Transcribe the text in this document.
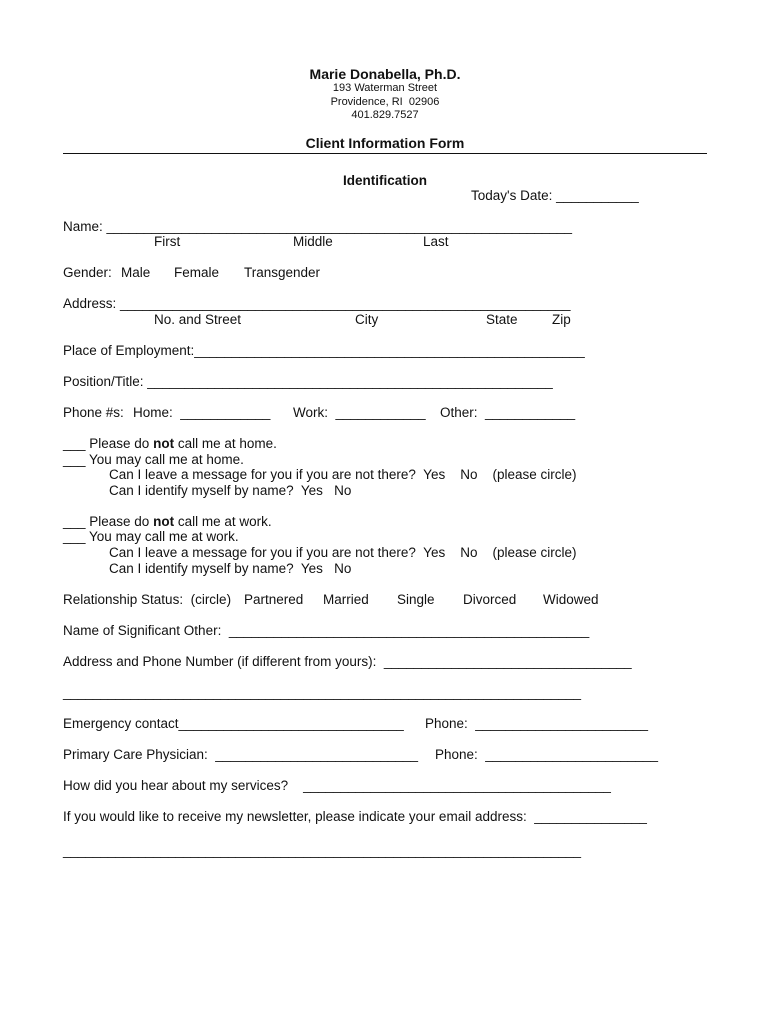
Marie Donabella, Ph.D.
193 Waterman Street
Providence, RI  02906
401.829.7527
Client Information Form
Identification
Today's Date: ___________
Name: ______________________________________________________________
First	Middle	Last
Gender: Male Female Transgender
Address: ____________________________________________________________
No. and Street	City	State	Zip
Place of Employment:____________________________________________________
Position/Title: ______________________________________________________
Phone #s: Home:  ____________ Work:  ____________ Other:  ____________
___ Please do not call me at home.
___ You may call me at home.
Can I leave a message for you if you are not there?  Yes    No    (please circle)
Can I identify myself by name?  Yes   No
___ Please do not call me at work.
___ You may call me at work.
Can I leave a message for you if you are not there?  Yes    No    (please circle)
Can I identify myself by name?  Yes   No
Relationship Status:  (circle) Partnered Married Single Divorced Widowed
Name of Significant Other:  ________________________________________________
Address and Phone Number (if different from yours):  _________________________________
_____________________________________________________________________
Emergency contact______________________________ Phone:  _______________________
Primary Care Physician:  ___________________________ Phone:  _______________________
How did you hear about my services?    _________________________________________
If you would like to receive my newsletter, please indicate your email address:  _______________
_____________________________________________________________________
